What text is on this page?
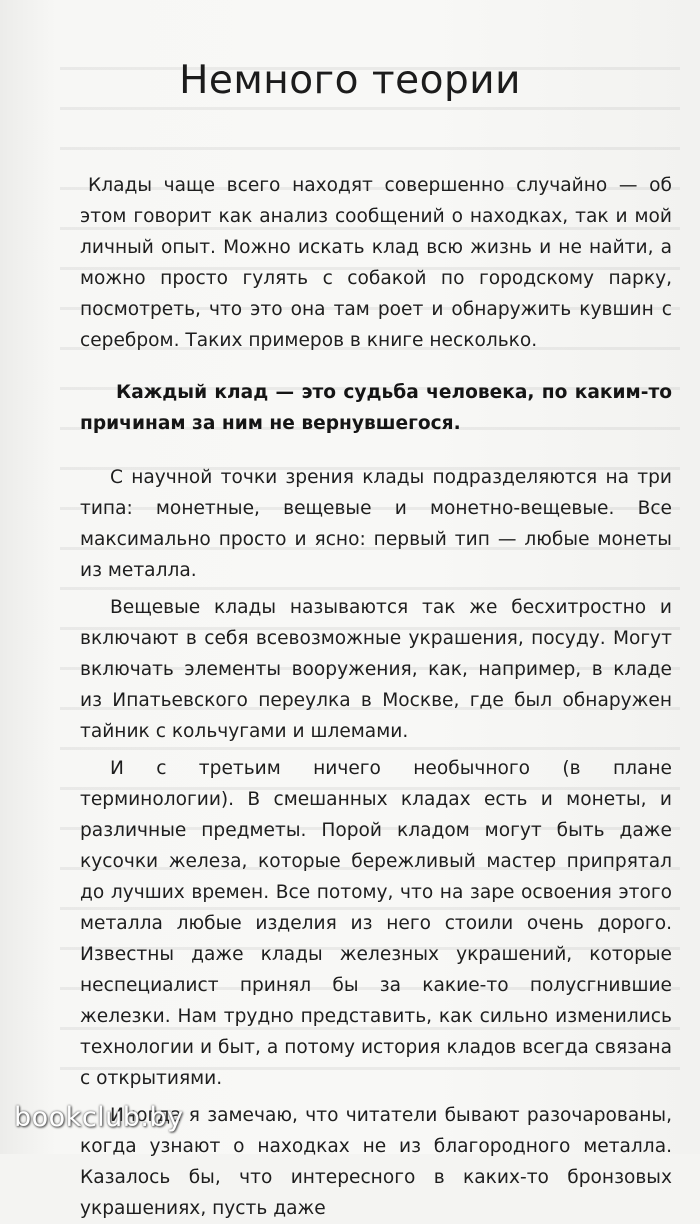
Немного теории

Клады чаще всего находят совершенно случайно — об этом говорит как анализ сообщений о находках, так и мой личный опыт. Можно искать клад всю жизнь и не найти, а можно просто гулять с собакой по городскому парку, посмотреть, что это она там роет и обнаружить кувшин с серебром. Таких примеров в книге несколько.

Каждый клад — это судьба человека, по каким-то причинам за ним не вернувшегося.

С научной точки зрения клады подразделяются на три типа: монетные, вещевые и монетно-вещевые. Все максимально просто и ясно: первый тип — любые монеты из металла.

Вещевые клады называются так же бесхитростно и включают в себя всевозможные украшения, посуду. Могут включать элементы вооружения, как, например, в кладе из Ипатьевского переулка в Москве, где был обнаружен тайник с кольчугами и шлемами.

И с третьим ничего необычного (в плане терминологии). В смешанных кладах есть и монеты, и различные предметы. Порой кладом могут быть даже кусочки железа, которые бережливый мастер припрятал до лучших времен. Все потому, что на заре освоения этого металла любые изделия из него стоили очень дорого. Известны даже клады железных украшений, которые неспециалист принял бы за какие-то полусгнившие железки. Нам трудно представить, как сильно изменились технологии и быт, а потому история кладов всегда связана с открытиями.

Иногда я замечаю, что читатели бывают разочарованы, когда узнают о находках не из благородного металла. Казалось бы, что интересного в каких-то бронзовых украшениях, пусть даже

bookclub.by
